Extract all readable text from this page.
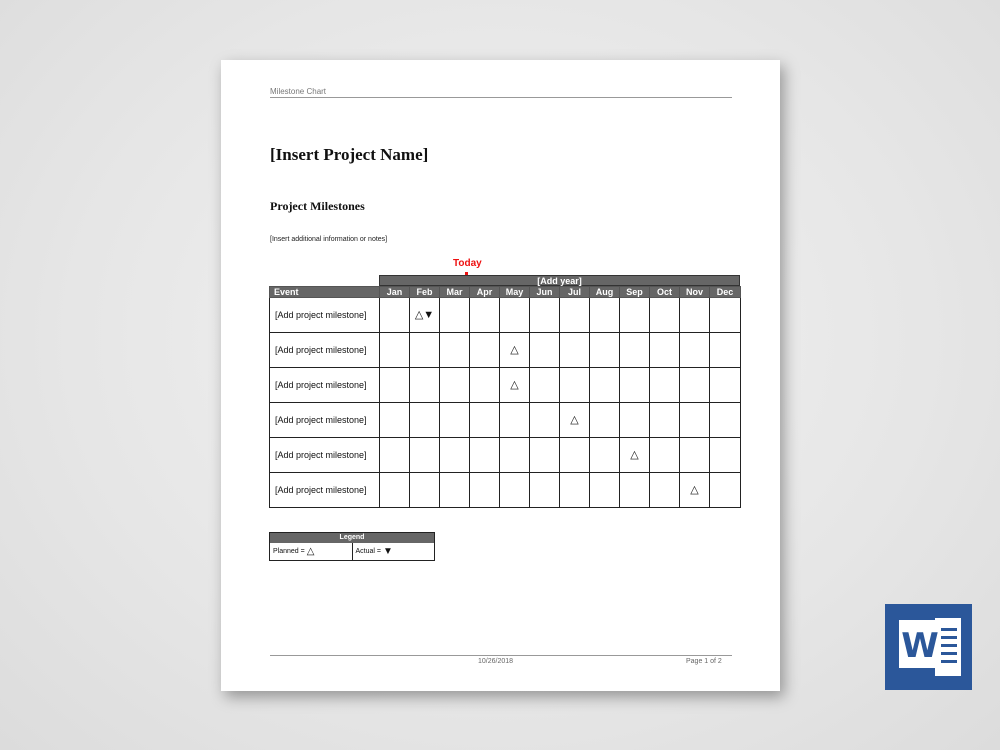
Milestone Chart
[Insert Project Name]
Project Milestones
[Insert additional information or notes]
Today
[Add year]
Event	Jan	Feb	Mar	Apr	May	Jun	Jul	Aug	Sep	Oct	Nov	Dec
[Add project milestone]		△▼										
[Add project milestone]					△							
[Add project milestone]					△							
[Add project milestone]							△					
[Add project milestone]									△			
[Add project milestone]											△	
Legend
Planned = △	Actual = ▼
10/26/2018	Page 1 of 2	W
